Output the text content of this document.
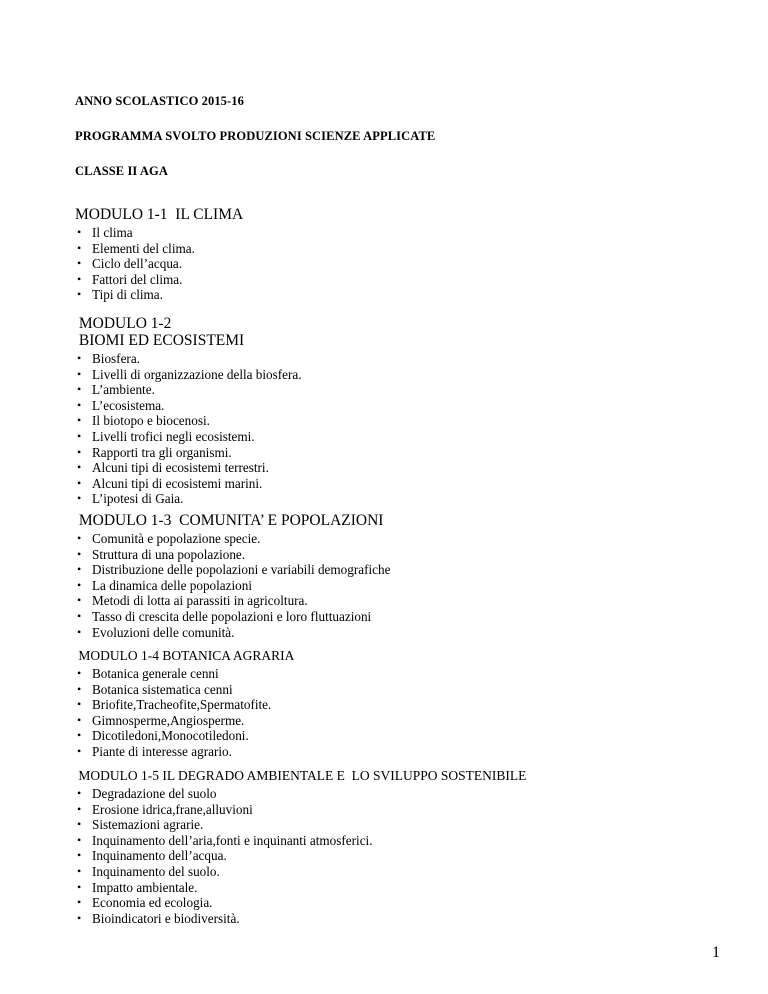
ANNO SCOLASTICO 2015-16
PROGRAMMA SVOLTO PRODUZIONI SCIENZE APPLICATE
CLASSE II AGA

MODULO 1-1  IL CLIMA

• Il clima
• Elementi del clima.
• Ciclo dell’acqua.
• Fattori del clima.
• Tipi di clima.

MODULO 1-2
BIOMI ED ECOSISTEMI

• Biosfera.
• Livelli di organizzazione della biosfera.
• L’ambiente.
• L’ecosistema.
• Il biotopo e biocenosi.
• Livelli trofici negli ecosistemi.
• Rapporti tra gli organismi.
• Alcuni tipi di ecosistemi terrestri.
• Alcuni tipi di ecosistemi marini.
• L’ipotesi di Gaia.

MODULO 1-3  COMUNITA’ E POPOLAZIONI

• Comunità e popolazione specie.
• Struttura di una popolazione.
• Distribuzione delle popolazioni e variabili demografiche
• La dinamica delle popolazioni
• Metodi di lotta ai parassiti in agricoltura.
• Tasso di crescita delle popolazioni e loro fluttuazioni
• Evoluzioni delle comunità.

MODULO 1-4 BOTANICA AGRARIA

• Botanica generale cenni
• Botanica sistematica cenni
• Briofite,Tracheofite,Spermatofite.
• Gimnosperme,Angiosperme.
• Dicotiledoni,Monocotiledoni.
• Piante di interesse agrario.

MODULO 1-5 IL DEGRADO AMBIENTALE E  LO SVILUPPO SOSTENIBILE

• Degradazione del suolo
• Erosione idrica,frane,alluvioni
• Sistemazioni agrarie.
• Inquinamento dell’aria,fonti e inquinanti atmosferici.
• Inquinamento dell’acqua.
• Inquinamento del suolo.
• Impatto ambientale.
• Economia ed ecologia.
• Bioindicatori e biodiversità.
1
